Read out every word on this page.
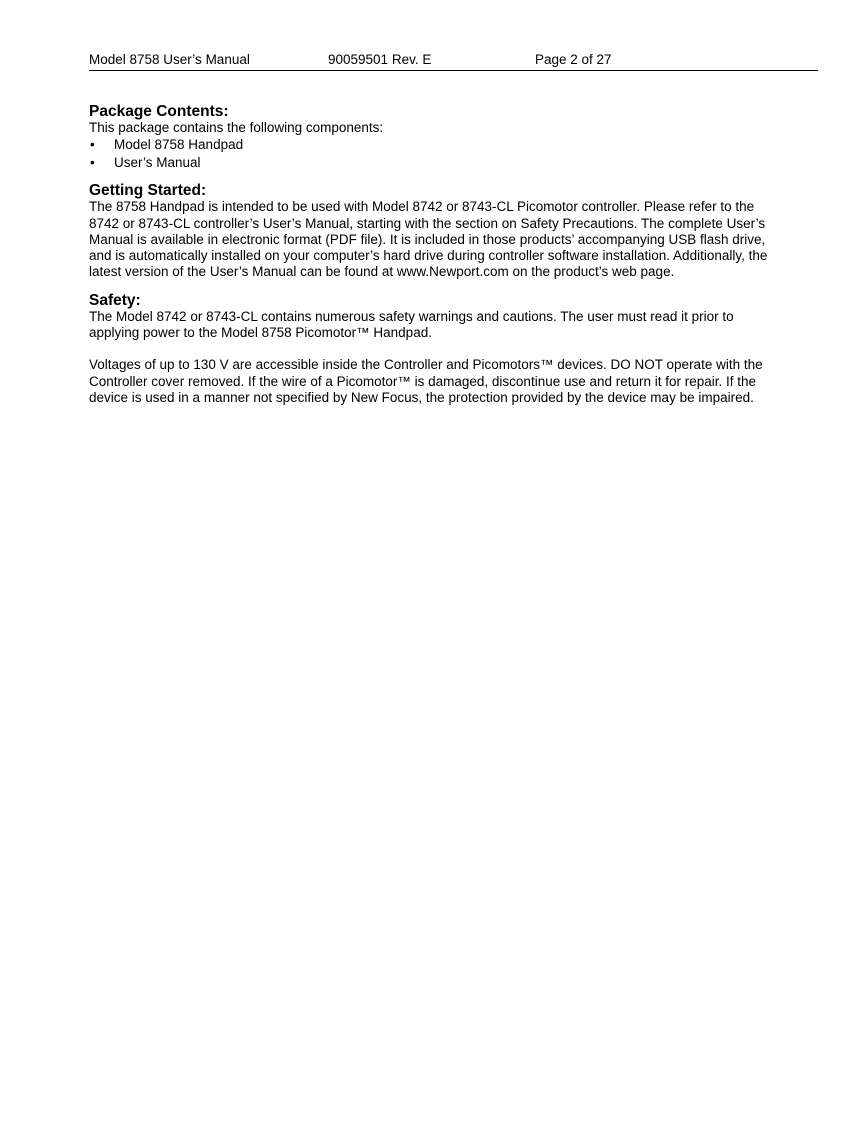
Model 8758 User’s Manual	90059501 Rev. E	Page 2 of 27
Package Contents:

This package contains the following components:

• Model 8758 Handpad
• User’s Manual
Getting Started:
The 8758 Handpad is intended to be used with Model 8742 or 8743-CL Picomotor controller. Please refer to the
8742 or 8743-CL controller’s User’s Manual, starting with the section on Safety Precautions. The complete User’s
Manual is available in electronic format (PDF file). It is included in those products’ accompanying USB flash drive,
and is automatically installed on your computer’s hard drive during controller software installation. Additionally, the
latest version of the User’s Manual can be found at www.Newport.com on the product’s web page.
Safety:
The Model 8742 or 8743-CL contains numerous safety warnings and cautions. The user must read it prior to
applying power to the Model 8758 Picomotor™ Handpad.
Voltages of up to 130 V are accessible inside the Controller and Picomotors™ devices. DO NOT operate with the
Controller cover removed. If the wire of a Picomotor™ is damaged, discontinue use and return it for repair. If the
device is used in a manner not specified by New Focus, the protection provided by the device may be impaired.
